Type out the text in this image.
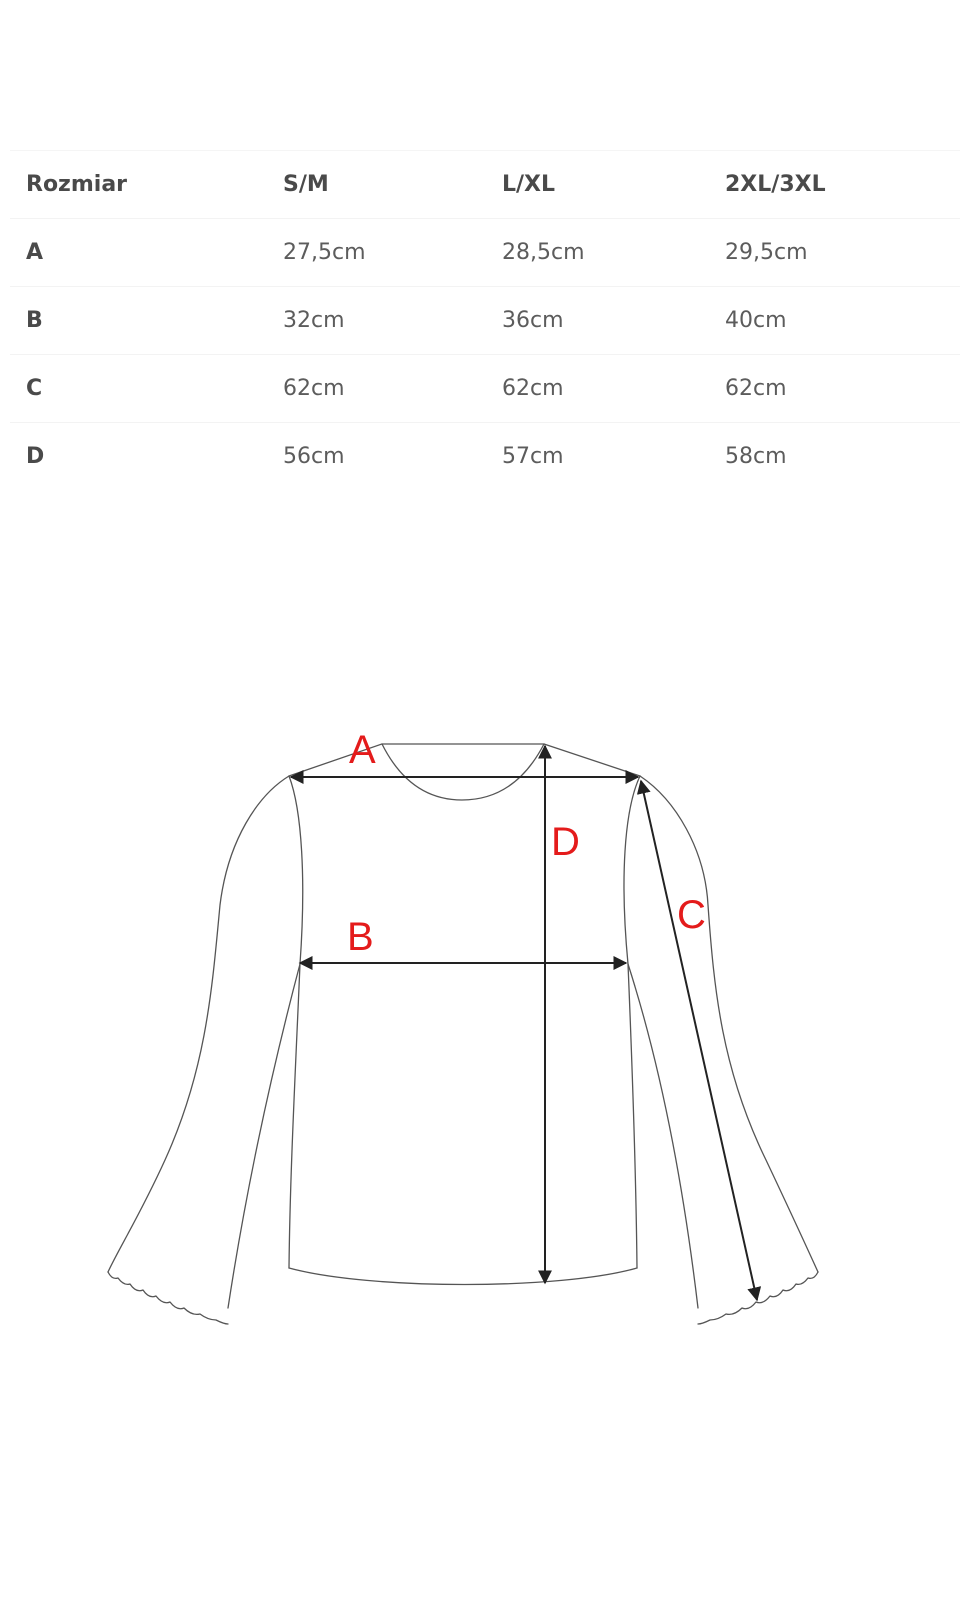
Rozmiar	S/M	L/XL	2XL/3XL
A	27,5cm	28,5cm	29,5cm
B	32cm	36cm	40cm
C	62cm	62cm	62cm
D	56cm	57cm	58cm
A
B	C
D
